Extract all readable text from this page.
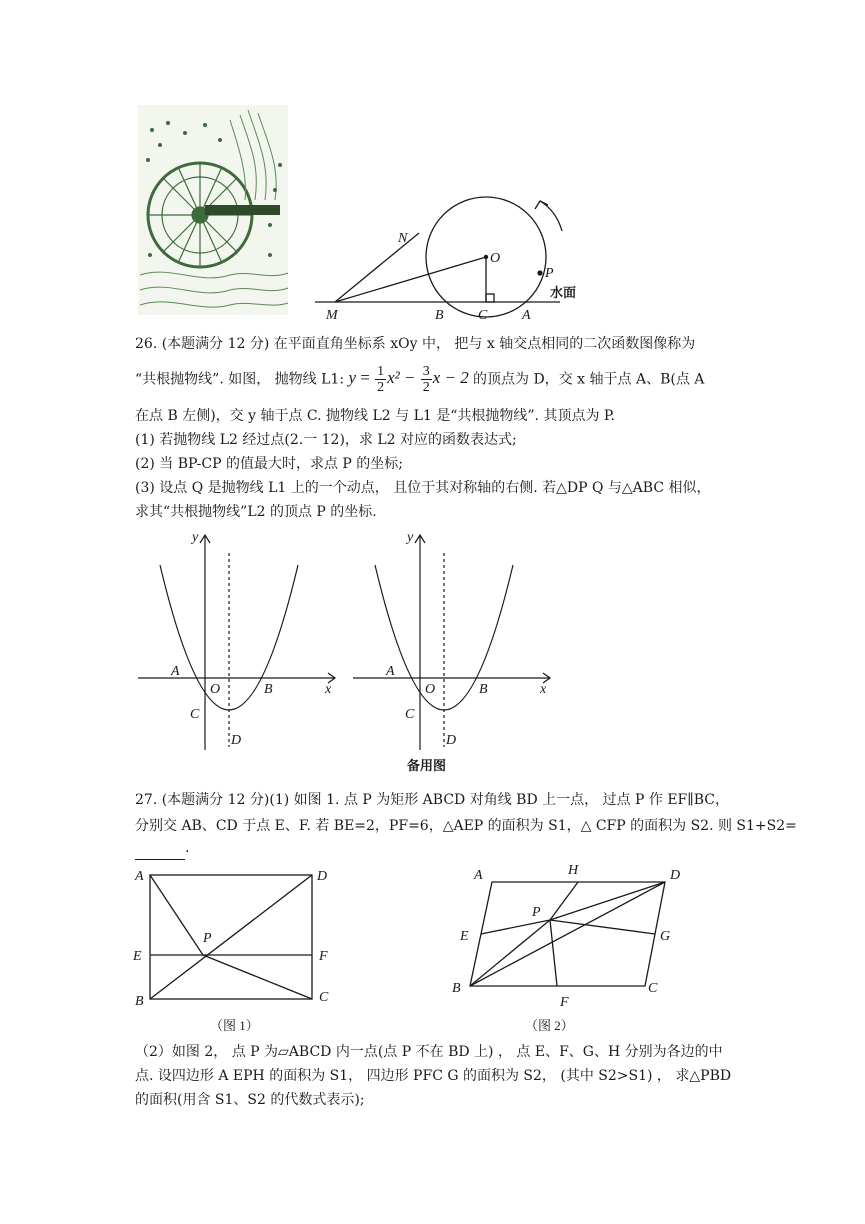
N
O
P
M	B C A
水面
26. (本题满分 12 分) 在平面直角坐标系 xOy 中， 把与 x 轴交点相同的二次函数图像称为
“共根抛物线”. 如图， 抛物线 L1: $y = \frac{1}{2} x^2 - \frac{3}{2}$ x − 2 的顶点为 D，交 x 轴于点 A、B(点 A
在点 B 左侧)，交 y 轴于点 C. 抛物线 L2 与 L1 是“共根抛物线”. 其顶点为 P.
(1) 若抛物线 L2 经过点(2.一 12)，求 L2 对应的函数表达式;
(2) 当 BP-CP 的值最大时，求点 P 的坐标;
(3) 设点 Q 是抛物线 L1 上的一个动点， 且位于其对称轴的右侧. 若△DP Q 与△ABC 相似，
求其“共根抛物线”L2 的顶点 P 的坐标.
y
x
A
O	B
C
D
y
x
A
O	B
C
D
备用图
27. (本题满分 12 分)(1) 如图 1. 点 P 为矩形 ABCD 对角线 BD 上一点， 过点 P 作 EF∥BC，
分别交 AB、CD 于点 E、F. 若 BE=2，PF=6，△AEP 的面积为 S1，△ CFP 的面积为 S2. 则 S1+S2=
.
A	D
P
E	F
B	C
（图 1）
A	H	D
P
E	G
B
F
C
（图 2）
（2）如图 2， 点 P 为▱ABCD 内一点(点 P 不在 BD 上) ， 点 E、F、G、H 分别为各边的中
点. 设四边形 A EPH 的面积为 S1， 四边形 PFC G 的面积为 S2， (其中 S2>S1) ， 求△PBD
的面积(用含 S1、S2 的代数式表示);
